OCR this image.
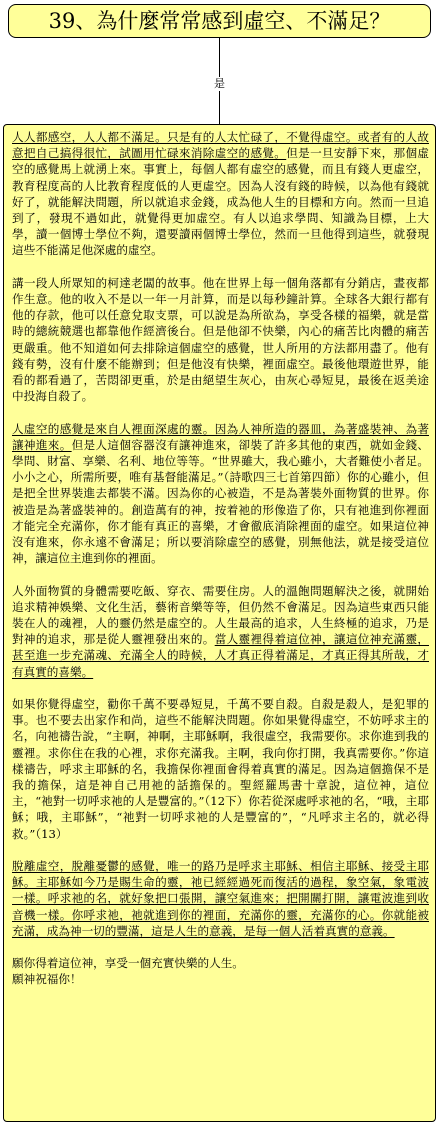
39、為什麼常常感到虛空、不滿足？
是

人人都感空，人人都不滿足。只是有的人太忙碌了，不覺得虛空。或者有的人故意把自己搞得很忙，試圖用忙碌來消除虛空的感覺。但是一旦安靜下來，那個虛空的感覺馬上就湧上來。事實上，每個人都有虛空的感覺，而且有錢人更虛空，教育程度高的人比教育程度低的人更虛空。因為人沒有錢的時候，以為他有錢就好了，就能解決問題，所以就追求金錢，成為他人生的目標和方向。然而一旦追到了，發現不過如此，就覺得更加虛空。有人以追求學問、知識為目標，上大學，讀一個博士學位不夠，還要讀兩個博士學位，然而一旦他得到這些，就發現這些不能滿足他深處的虛空。

講一段人所眾知的柯達老闆的故事。他在世界上每一個角落都有分銷店，晝夜都作生意。他的收入不是以一年一月計算，而是以每秒鐘計算。全球各大銀行都有他的存款，他可以任意兌取支票，可以說是為所欲為，享受各樣的福樂，就是當時的總統競選也都靠他作經濟後台。但是他卻不快樂，內心的痛苦比肉體的痛苦更嚴重。他不知道如何去排除這個虛空的感覺，世人所用的方法都用盡了。他有錢有勢，沒有什麼不能辦到；但是他沒有快樂，裡面虛空。最後他環遊世界，能看的都看過了，苦悶卻更重，於是由絕望生灰心，由灰心尋短見，最後在返美途中投海自殺了。

人虛空的感覺是來自人裡面深處的靈。因為人神所造的器皿，為著盛裝神、為著讓神進來。但是人這個容器沒有讓神進來，卻裝了許多其他的東西，就如金錢、學問、財富、享樂、名利、地位等等。“世界雖大，我心雖小，大者難使小者足。小小之心，所需所要，唯有基督能滿足。”（詩歌四三七首第四節）你的心雖小，但是把全世界裝進去都裝不滿。因為你的心被造，不是為著裝外面物質的世界。你被造是為著盛裝神的。創造萬有的神，按着祂的形像造了你，只有祂進到你裡面才能完全充滿你，你才能有真正的喜樂，才會徹底消除裡面的虛空。如果這位神沒有進來，你永遠不會滿足；所以要消除虛空的感覺，別無他法，就是接受這位神，讓這位主進到你的裡面。

人外面物質的身體需要吃飯、穿衣、需要住房。人的溫飽問題解決之後，就開始追求精神娛樂、文化生活，藝術音樂等等，但仍然不會滿足。因為這些東西只能裝在人的魂裡，人的靈仍然是虛空的。人生最高的追求，人生終極的追求，乃是對神的追求，那是從人靈裡發出來的。當人靈裡得着這位神，讓這位神充滿靈，甚至進一步充滿魂、充滿全人的時候，人才真正得着滿足，才真正得其所哉，才有真實的喜樂。

如果你覺得虛空，勸你千萬不要尋短見，千萬不要自殺。自殺是殺人，是犯罪的事。也不要去出家作和尚，這些不能解決問題。你如果覺得虛空，不妨呼求主的名，向祂禱告說，“主啊，神啊，主耶穌啊，我很虛空，我需要你。求你進到我的靈裡。求你住在我的心裡，求你充滿我。主啊，我向你打開，我真需要你。”你這樣禱告，呼求主耶穌的名，我擔保你裡面會得着真實的滿足。因為這個擔保不是我的擔保，這是神自己用祂的話擔保的。聖經羅馬書十章說，這位神，這位主，“祂對一切呼求祂的人是豐富的。”（12下）你若從深處呼求祂的名，“哦，主耶穌；哦，主耶穌”，“祂對一切呼求祂的人是豐富的”，“凡呼求主名的，就必得救。”（13）

脫離虛空，脫離憂鬱的感覺，唯一的路乃是呼求主耶穌、相信主耶穌、接受主耶穌。主耶穌如今乃是賜生命的靈，祂已經經過死而復活的過程，象空氣，象電波一樣。呼求祂的名，就好象把口張開，讓空氣進來；把開關打開，讓電波進到收音機一樣。你呼求祂，祂就進到你的裡面，充滿你的靈，充滿你的心。你就能被充滿，成為神一切的豐滿，這是人生的意義，是每一個人活着真實的意義。

願你得着這位神，享受一個充實快樂的人生。
願神祝福你！
